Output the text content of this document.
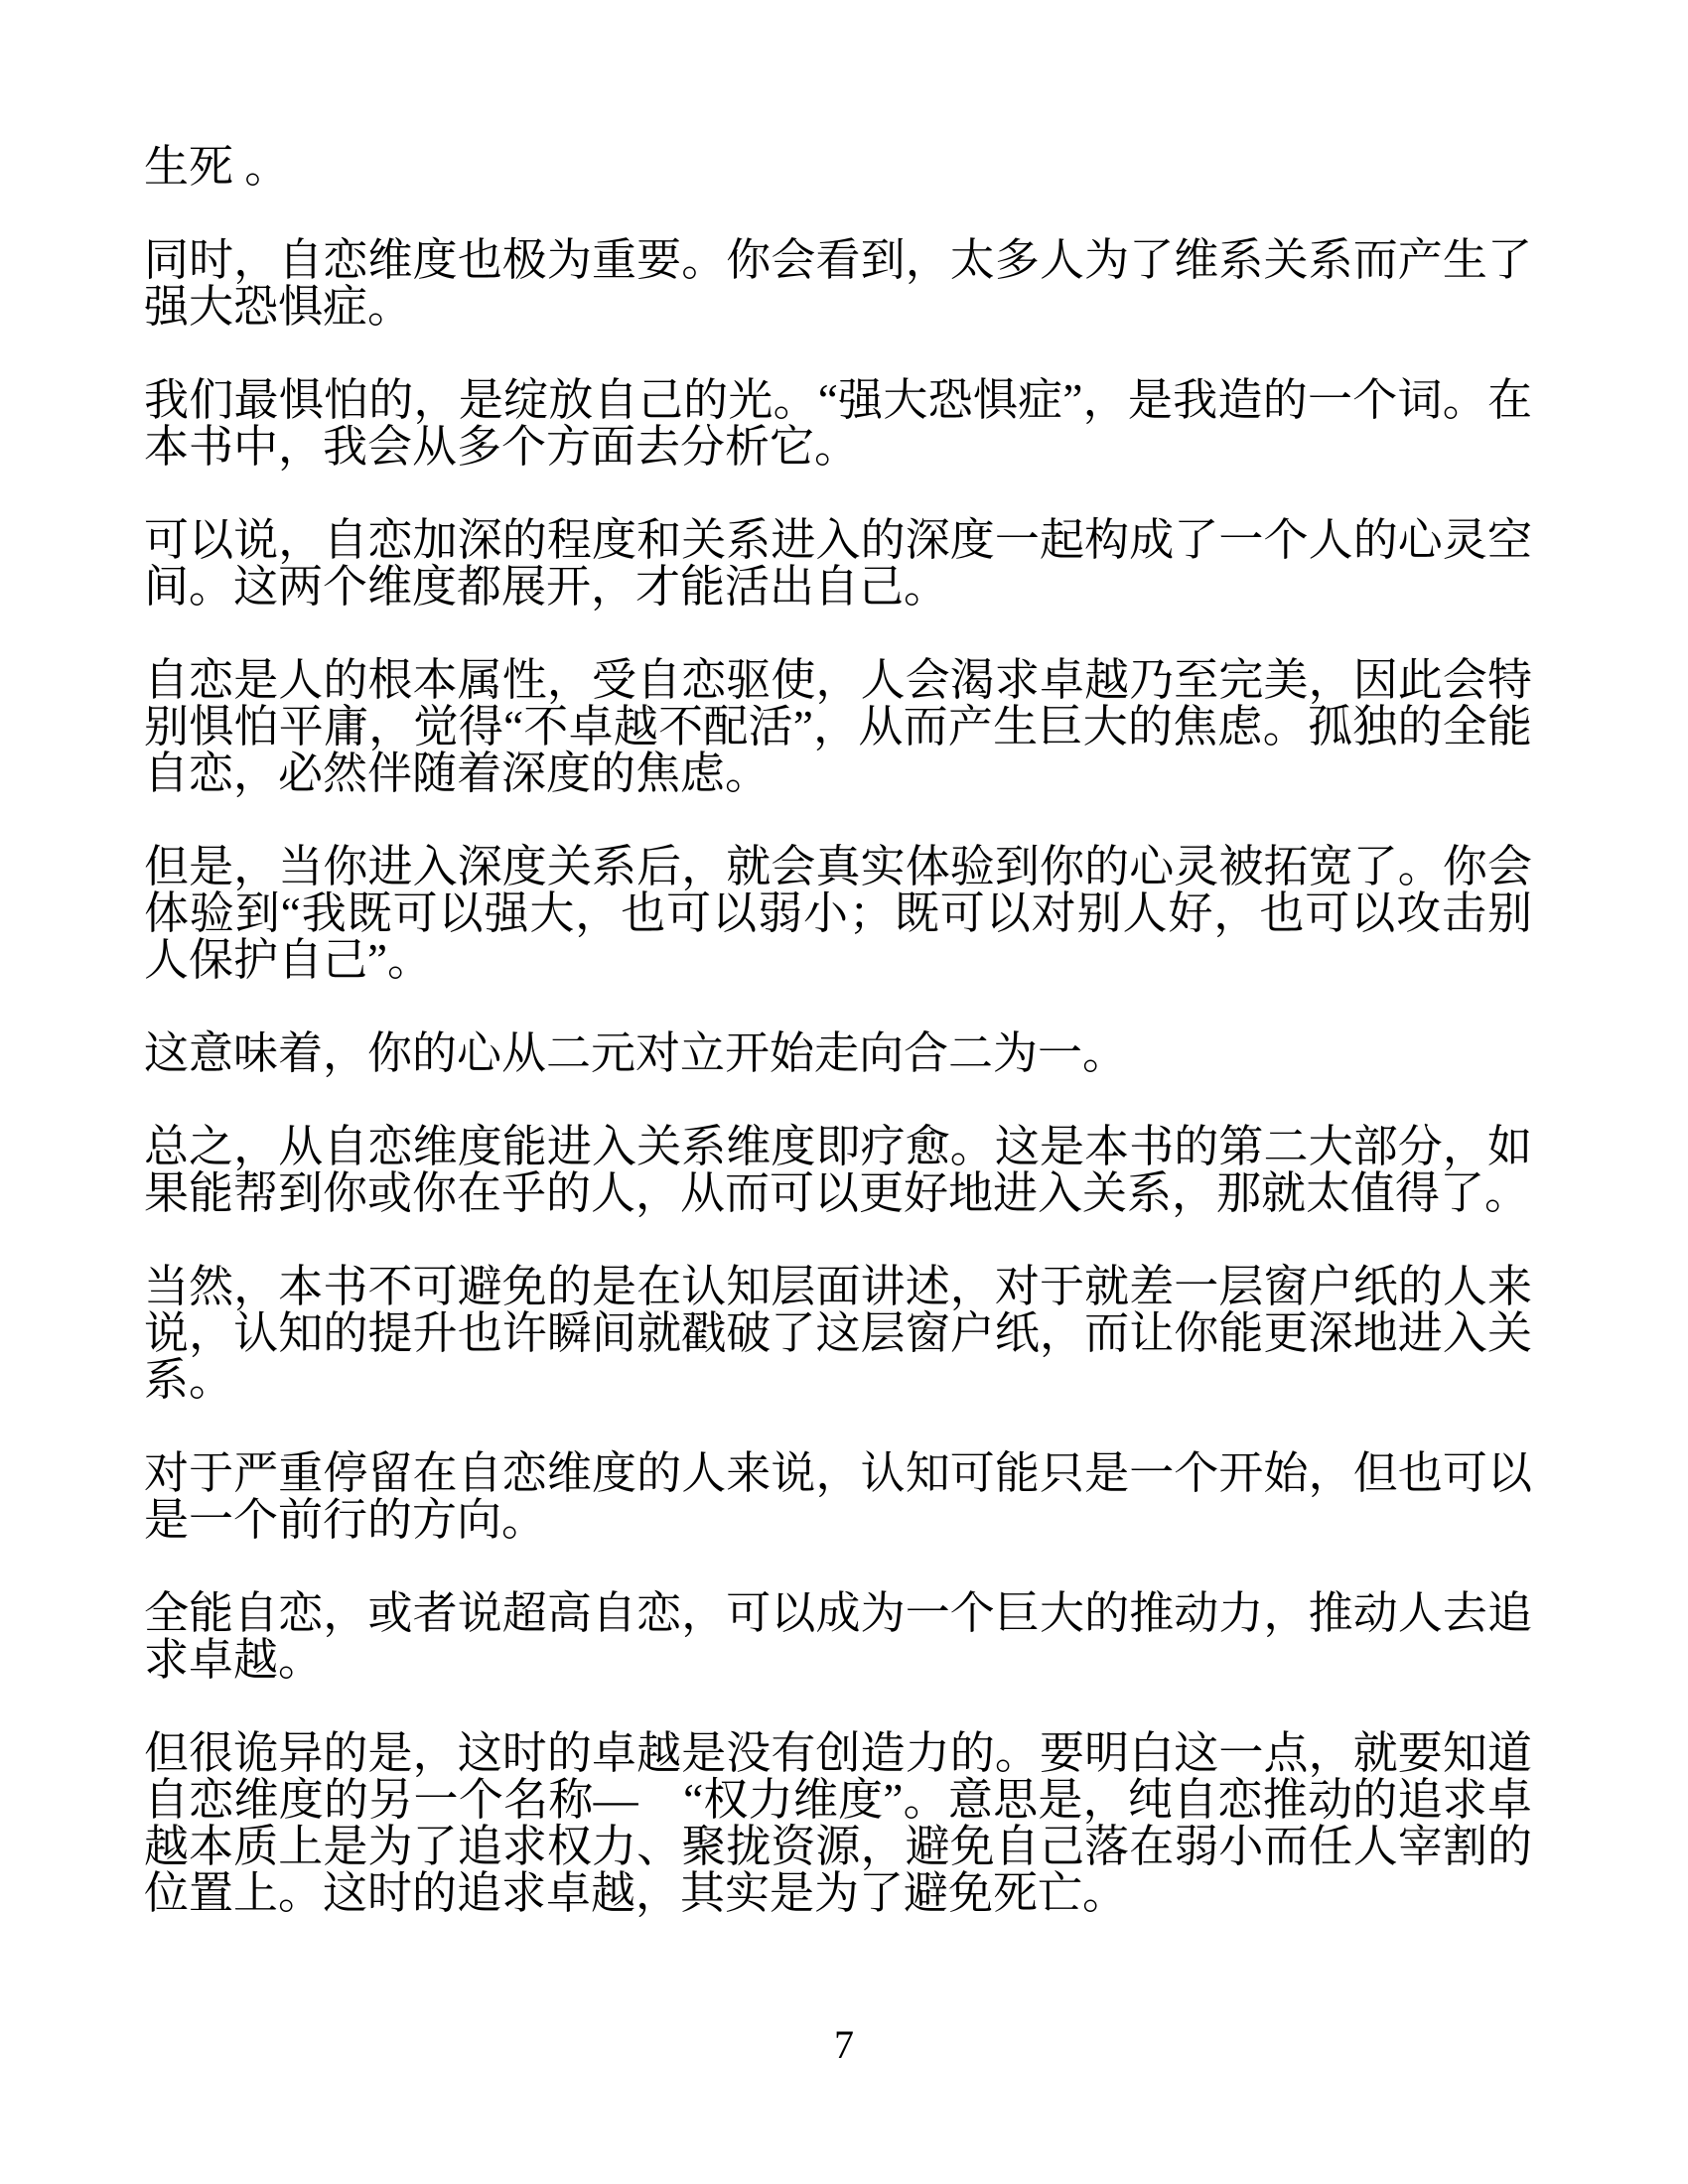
生死 。
同时，自恋维度也极为重要。你会看到，太多人为了维系关系而产生了强大恐惧症。
我们最惧怕的，是绽放自己的光。“强大恐惧症”，是我造的一个词。在本书中，我会从多个方面去分析它。
可以说，自恋加深的程度和关系进入的深度一起构成了一个人的心灵空间。这两个维度都展开，才能活出自己。
自恋是人的根本属性，受自恋驱使，人会渴求卓越乃至完美，因此会特别惧怕平庸，觉得“不卓越不配活”，从而产生巨大的焦虑。孤独的全能自恋，必然伴随着深度的焦虑。
但是，当你进入深度关系后，就会真实体验到你的心灵被拓宽了。你会体验到“我既可以强大，也可以弱小；既可以对别人好，也可以攻击别人保护自己”。
这意味着，你的心从二元对立开始走向合二为一。
总之，从自恋维度能进入关系维度即疗愈。这是本书的第二大部分，如果能帮到你或你在乎的人，从而可以更好地进入关系，那就太值得了。
当然，本书不可避免的是在认知层面讲述，对于就差一层窗户纸的人来说，认知的提升也许瞬间就戳破了这层窗户纸，而让你能更深地进入关系。
对于严重停留在自恋维度的人来说，认知可能只是一个开始，但也可以是一个前行的方向。
全能自恋，或者说超高自恋，可以成为一个巨大的推动力，推动人去追求卓越。
但很诡异的是，这时的卓越是没有创造力的。要明白这一点，就要知道自恋维度的另一个名称—　“权力维度”。意思是，纯自恋推动的追求卓越本质上是为了追求权力、聚拢资源，避免自己落在弱小而任人宰割的位置上。这时的追求卓越，其实是为了避免死亡。
7
